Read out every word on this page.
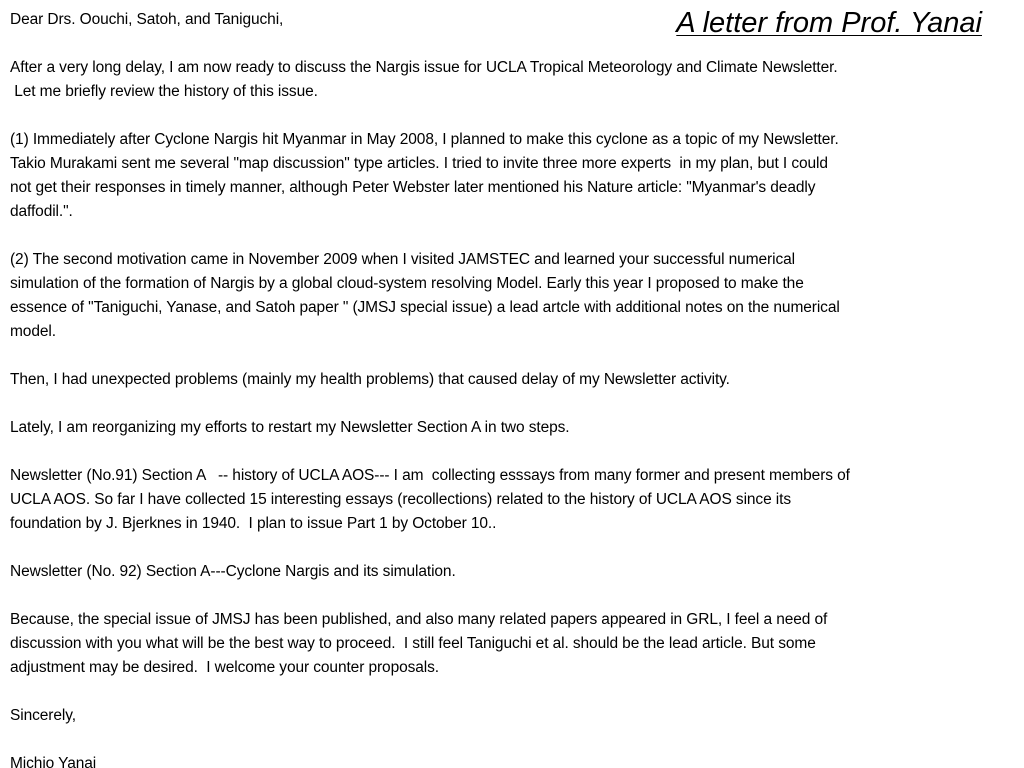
A letter from Prof. Yanai
Dear Drs. Oouchi, Satoh, and Taniguchi,
After a very long delay, I am now ready to discuss the Nargis issue for UCLA Tropical Meteorology and Climate Newsletter.
Let me briefly review the history of this issue.
(1) Immediately after Cyclone Nargis hit Myanmar in May 2008, I planned to make this cyclone as a topic of my Newsletter.
Takio Murakami sent me several "map discussion" type articles. I tried to invite three more experts  in my plan, but I could
not get their responses in timely manner, although Peter Webster later mentioned his Nature article: "Myanmar's deadly
daffodil.".
(2) The second motivation came in November 2009 when I visited JAMSTEC and learned your successful numerical
simulation of the formation of Nargis by a global cloud-system resolving Model. Early this year I proposed to make the
essence of "Taniguchi, Yanase, and Satoh paper " (JMSJ special issue) a lead artcle with additional notes on the numerical
model.
Then, I had unexpected problems (mainly my health problems) that caused delay of my Newsletter activity.
Lately, I am reorganizing my efforts to restart my Newsletter Section A in two steps.
Newsletter (No.91) Section A   -- history of UCLA AOS--- I am  collecting esssays from many former and present members of
UCLA AOS. So far I have collected 15 interesting essays (recollections) related to the history of UCLA AOS since its
foundation by J. Bjerknes in 1940.  I plan to issue Part 1 by October 10..
Newsletter (No. 92) Section A---Cyclone Nargis and its simulation.
Because, the special issue of JMSJ has been published, and also many related papers appeared in GRL, I feel a need of
discussion with you what will be the best way to proceed.  I still feel Taniguchi et al. should be the lead article. But some
adjustment may be desired.  I welcome your counter proposals.
Sincerely,
Michio Yanai
